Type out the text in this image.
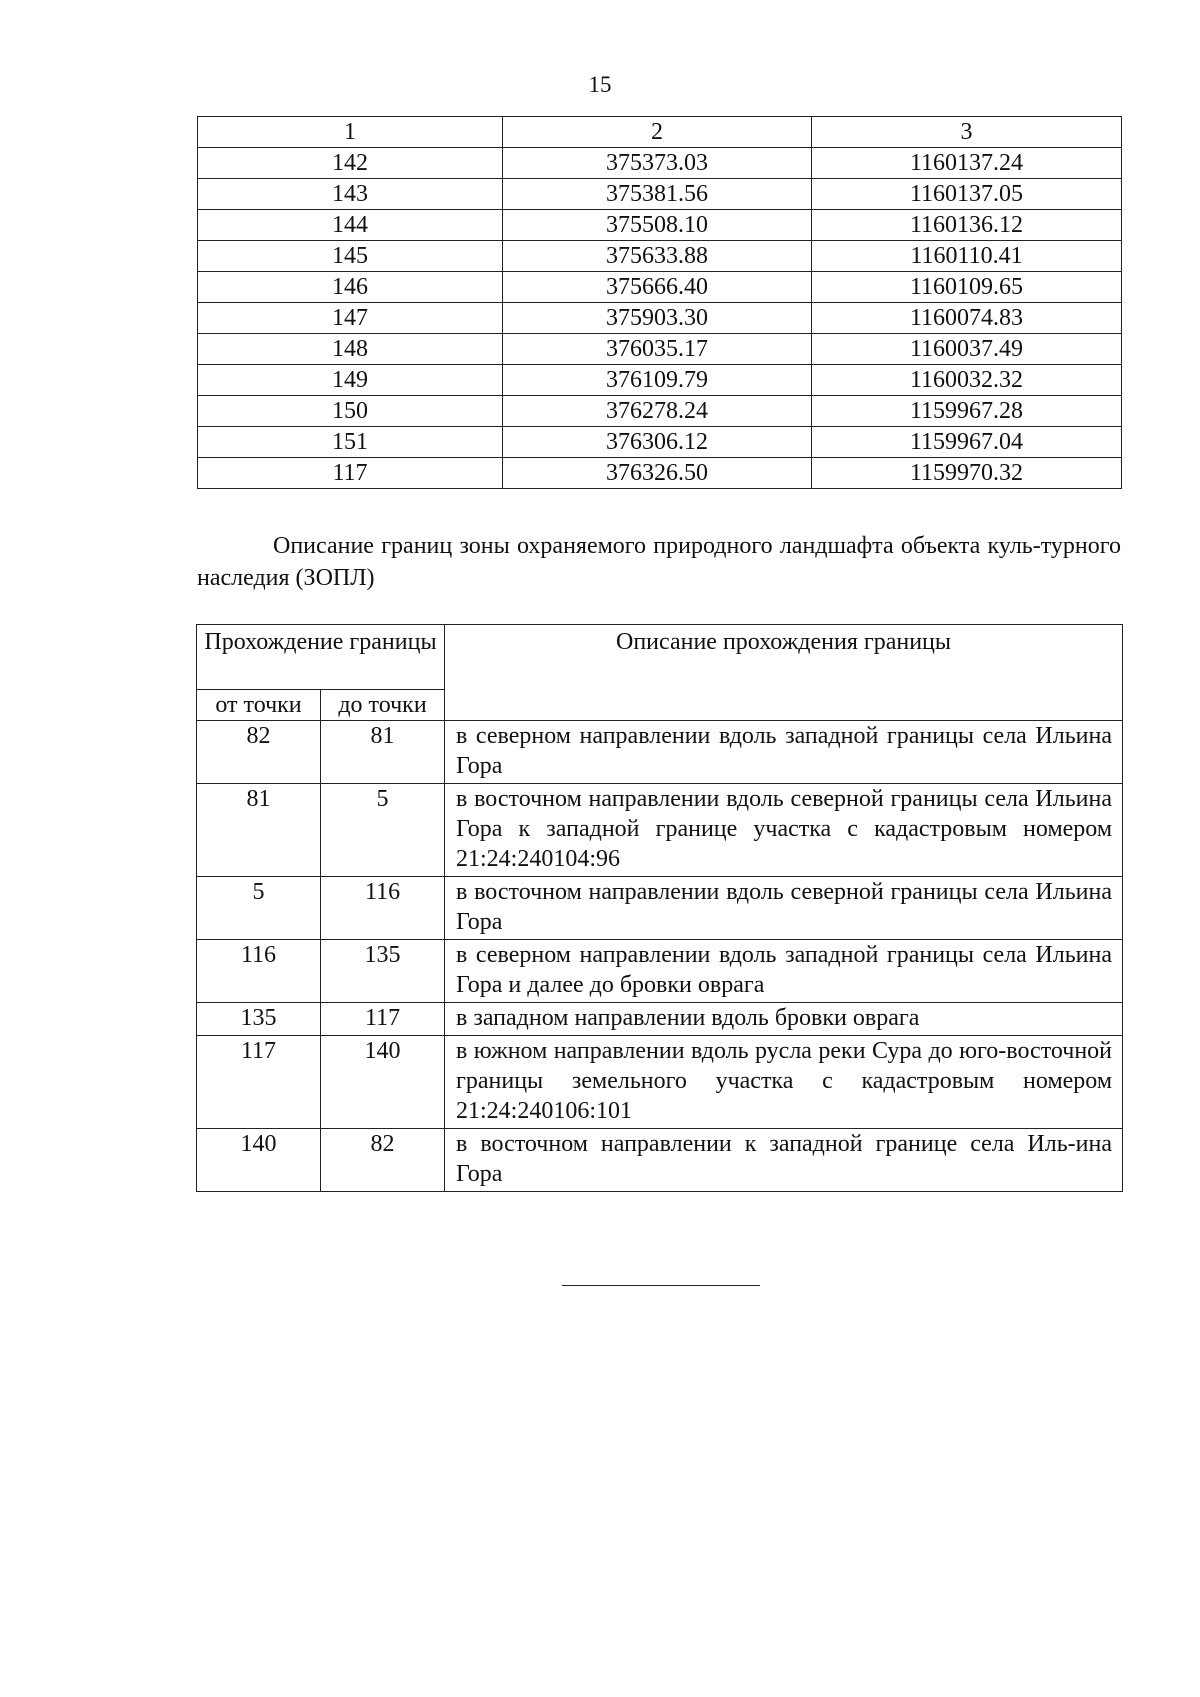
15
1	2	3
142	375373.03	1160137.24
143	375381.56	1160137.05
144	375508.10	1160136.12
145	375633.88	1160110.41
146	375666.40	1160109.65
147	375903.30	1160074.83
148	376035.17	1160037.49
149	376109.79	1160032.32
150	376278.24	1159967.28
151	376306.12	1159967.04
117	376326.50	1159970.32

Описание границ зоны охраняемого природного ландшафта объекта куль-турного наследия (ЗОПЛ)

Прохождение границы		Описание прохождения границы
от точки	до точки	
82	81	в северном направлении вдоль западной границы села Ильина Гора
81	5	в восточном направлении вдоль северной границы села Ильина Гора к западной границе участка с кадастровым номером 21:24:240104:96
5	116	в восточном направлении вдоль северной границы села Ильина Гора
116	135	в северном направлении вдоль западной границы села Ильина Гора и далее до бровки оврага
135	117	в западном направлении вдоль бровки оврага
117	140	в южном направлении вдоль русла реки Сура до юго-восточной границы земельного участка с кадастровым номером 21:24:240106:101
140	82	в восточном направлении к западной границе села Иль-ина Гора
